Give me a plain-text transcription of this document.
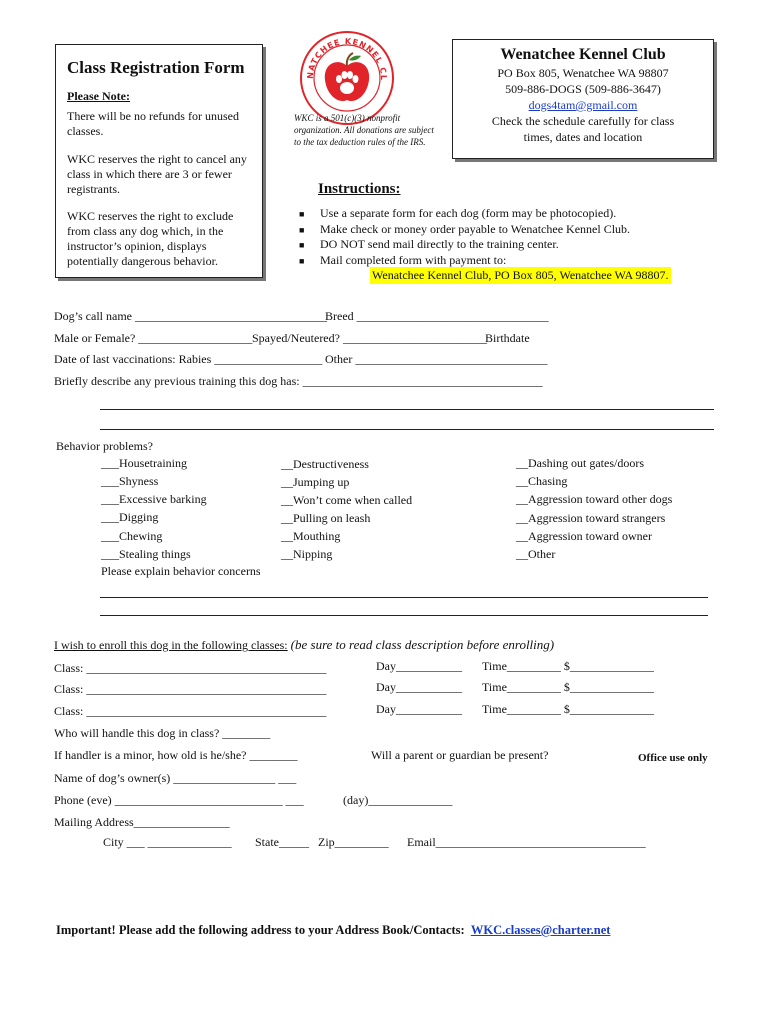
Class Registration Form
Please Note:
There will be no refunds for unused classes.
WKC reserves the right to cancel any class in which there are 3 or fewer registrants.
WKC reserves the right to exclude from class any dog which, in the instructor’s opinion, displays potentially dangerous behavior.
NATCHEE KENNEL CL
WKC is a 501(c)(3) nonprofit organization. All donations are subject to the tax deduction rules of the IRS.
Wenatchee Kennel Club
PO Box 805, Wenatchee WA 98807
509-886-DOGS (509-886-3647)
dogs4tam@gmail.com
Check the schedule carefully for class
times, dates and location
Instructions:
■ Use a separate form for each dog (form may be photocopied).
■ Make check or money order payable to Wenatchee Kennel Club.
■ DO NOT send mail directly to the training center.
■ Mail completed form with payment to:
Wenatchee Kennel Club, PO Box 805, Wenatchee WA 98807.
Dog’s call name ________________________________
Breed ________________________________
Male or Female? ___________________ Spayed/Neutered? ________________________
Birthdate
Date of last vaccinations: Rabies __________________ Other ________________________________
Briefly describe any previous training this dog has: ________________________________________
Behavior problems?
___Housetraining
___Shyness
___Excessive barking
___Digging
___Chewing
___Stealing things
__Destructiveness
__Jumping up
__Won’t come when called
__Pulling on leash
__Mouthing
__Nipping
__Dashing out gates/doors
__Chasing
__Aggression toward other dogs
__Aggression toward strangers
__Aggression toward owner
__Other
Please explain behavior concerns
I wish to enroll this dog in the following classes: (be sure to read class description before enrolling)
Class: ________________________________________	Day___________ Time_________ $______________
Class: ________________________________________	Day___________ Time_________ $______________
Class: ________________________________________	Day___________ Time_________ $______________
Who will handle this dog in class? ________
If handler is a minor, how old is he/she? ________	Will a parent or guardian be present?	Office use only
Name of dog’s owner(s) _________________ ___
Phone (eve) ____________________________ ___	(day)______________
Mailing Address________________
City ___ ______________ State_____ Zip_________ Email___________________________________
Important! Please add the following address to your Address Book/Contacts: WKC.classes@charter.net
